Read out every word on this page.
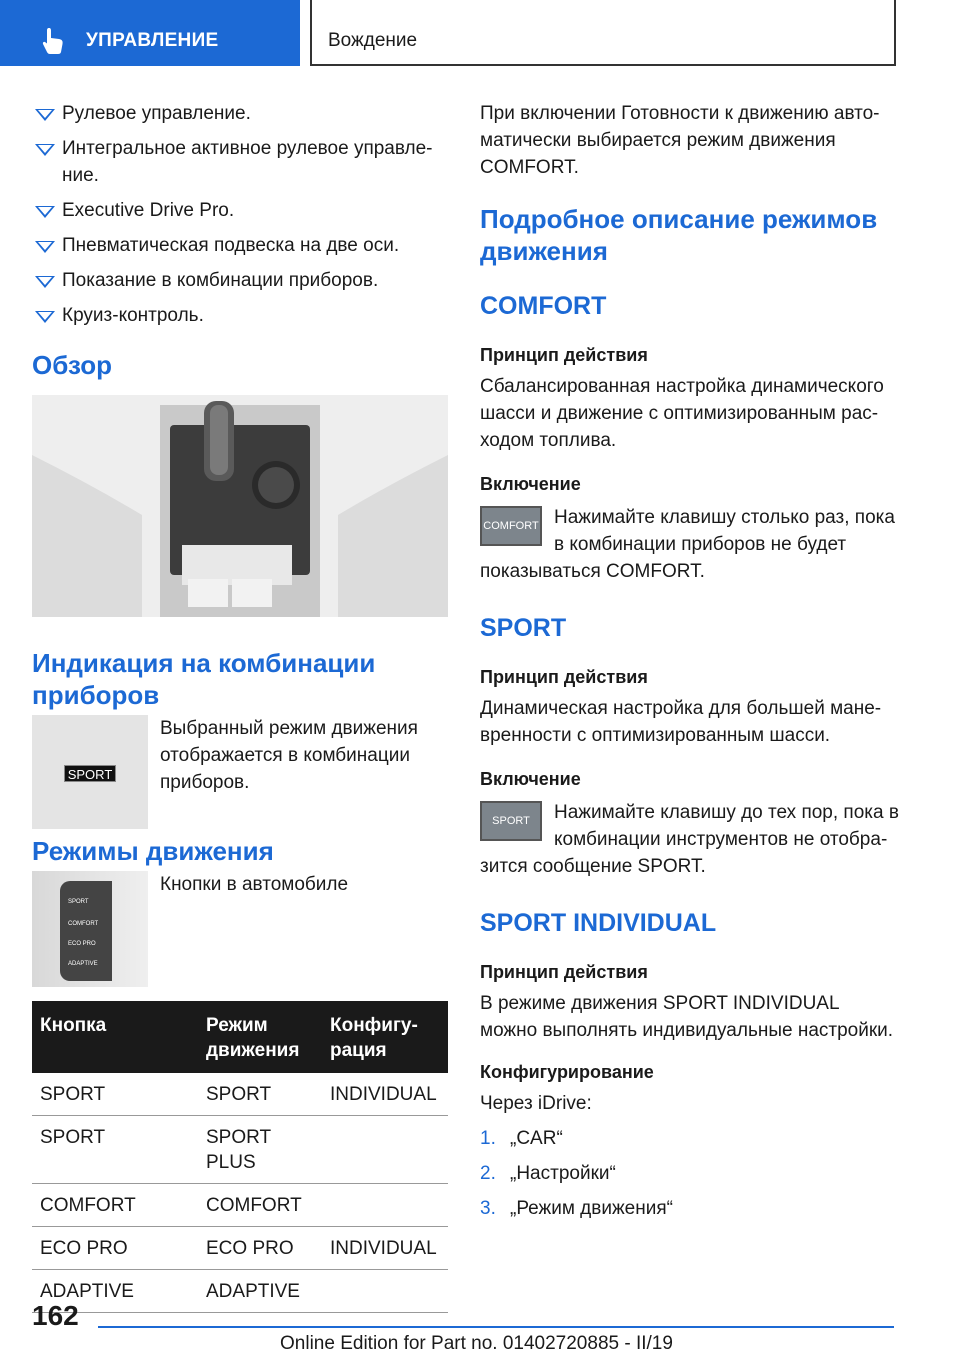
УПРАВЛЕНИЕ	Вождение
Рулевое управление.
Интегральное активное рулевое управле-ние.
Executive Drive Pro.
Пневматическая подвеска на две оси.
Показание в комбинации приборов.
Круиз-контроль.
Обзор
Индикация на комбинации приборов
SPORT

Выбранный режим движения отображается в комбинации приборов.

Режимы движения
SPORT
COMFORT
ECO PRO
ADAPTIVE

Кнопки в автомобиле

Кнопка	Режим движения	Конфигу-рация
SPORT	SPORT	INDIVIDUAL
SPORT	SPORT PLUS	
COMFORT	COMFORT	
ECO PRO	ECO PRO	INDIVIDUAL
ADAPTIVE	ADAPTIVE	

При включении Готовности к движению авто-матически выбирается режим движения COMFORT.

Подробное описание режимов движения
COMFORT
Принцип действия

Сбалансированная настройка динамического шасси и движение с оптимизированным рас-ходом топлива.

Включение
COMFORT Нажимайте клавишу столько раз, пока в комбинации приборов не будет показываться COMFORT.

SPORT
Принцип действия

Динамическая настройка для большей мане-вренности с оптимизированным шасси.

Включение
SPORT	Нажимайте клавишу до тех пор, пока в комбинации инструментов не отобра-зится сообщение SPORT.

SPORT INDIVIDUAL
Принцип действия

В режиме движения SPORT INDIVIDUAL можно выполнять индивидуальные настройки.

Конфигурирование

Через iDrive:

1. „CAR“
2. „Настройки“
3. „Режим движения“
162
Online Edition for Part no. 01402720885 - II/19
